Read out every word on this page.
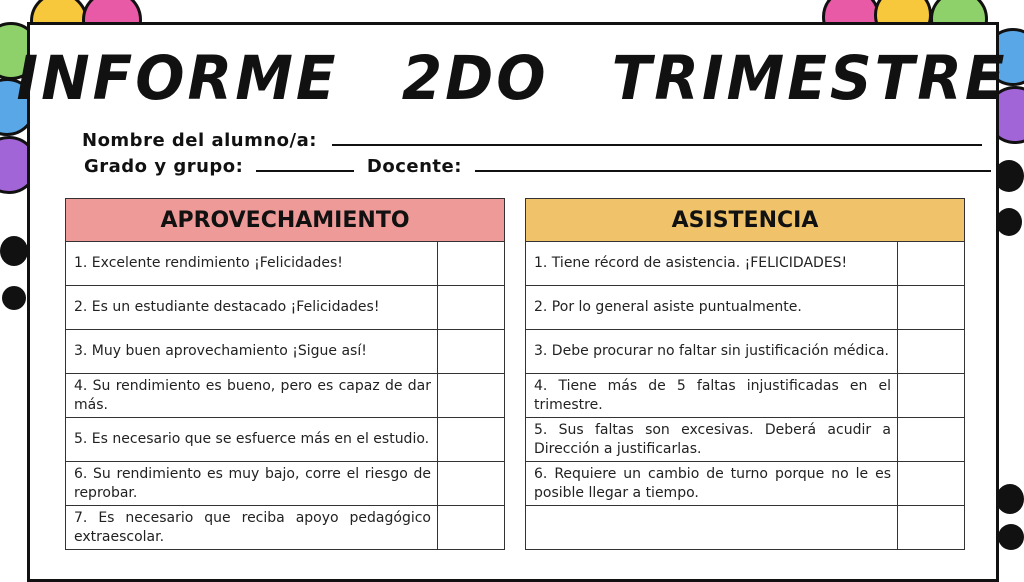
INFORME 2DO TRIMESTRE
Nombre del alumno/a:
Grado y grupo:	Docente:
APROVECHAMIENTO
1. Excelente rendimiento ¡Felicidades!
2. Es un estudiante destacado ¡Felicidades!
3. Muy buen aprovechamiento ¡Sigue así!
4. Su rendimiento es bueno, pero es capaz de dar más.
5. Es necesario que se esfuerce más en el estudio.
6. Su rendimiento es muy bajo, corre el riesgo de reprobar.
7. Es necesario que reciba apoyo pedagógico extraescolar.
ASISTENCIA
1. Tiene récord de asistencia. ¡FELICIDADES!
2. Por lo general asiste puntualmente.
3. Debe procurar no faltar sin justificación médica.
4. Tiene más de 5 faltas injustificadas en el trimestre.
5. Sus faltas son excesivas. Deberá acudir a Dirección a justificarlas.
6. Requiere un cambio de turno porque no le es posible llegar a tiempo.
